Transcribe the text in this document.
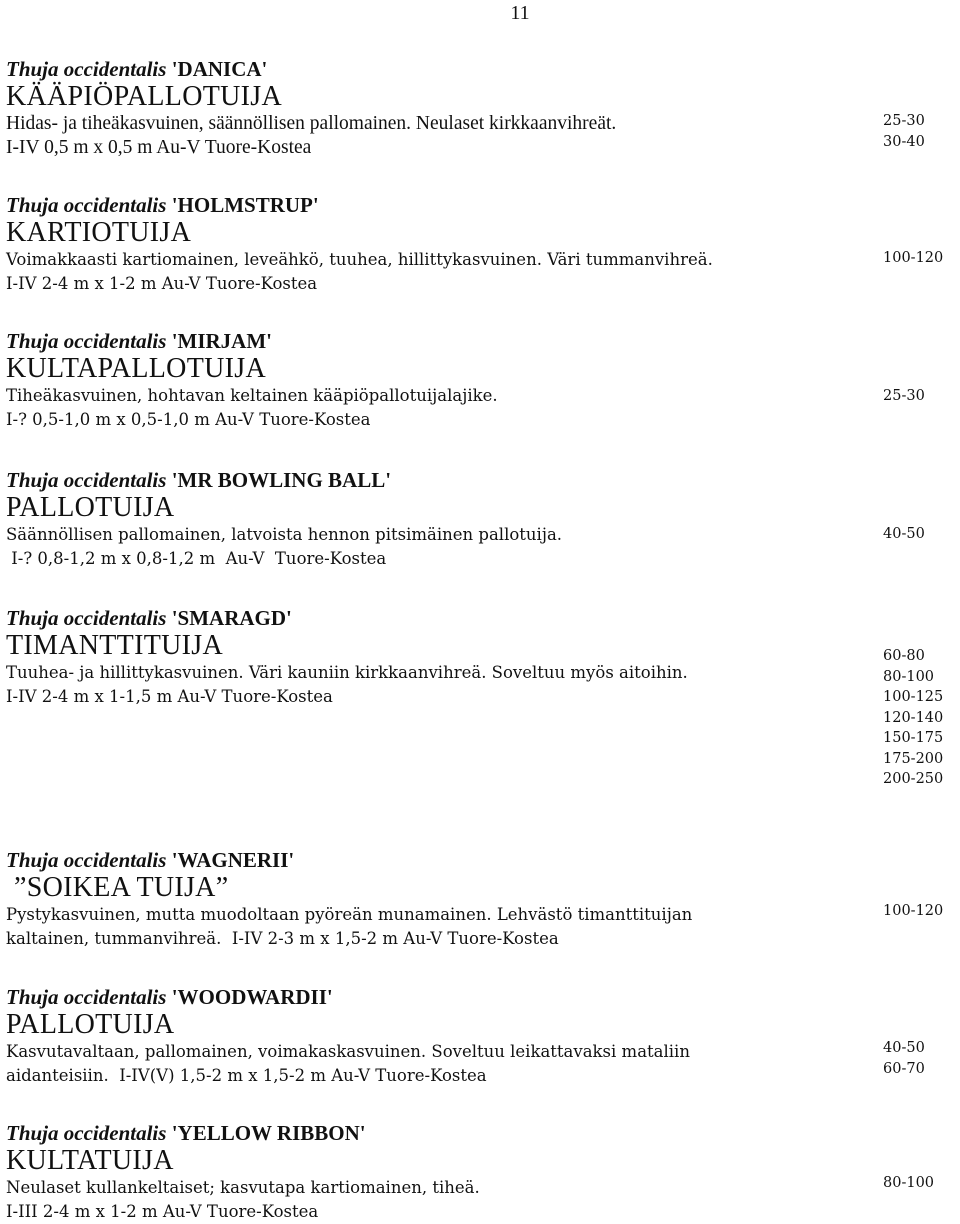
11
Thuja occidentalis 'DANICA'
KÄÄPIÖPALLOTUIJA
Hidas- ja tiheäkasvuinen, säännöllisen pallomainen. Neulaset kirkkaanvihreät.
I-IV 0,5 m x 0,5 m Au-V Tuore-Kostea
25-30
30-40
Thuja occidentalis 'HOLMSTRUP'
KARTIOTUIJA
Voimakkaasti kartiomainen, leveähkö, tuuhea, hillittykasvuinen. Väri tummanvihreä.
I-IV 2-4 m x 1-2 m Au-V Tuore-Kostea
100-120
Thuja occidentalis 'MIRJAM'
KULTAPALLOTUIJA
Tiheäkasvuinen, hohtavan keltainen kääpiöpallotuijalajike.
I-? 0,5-1,0 m x 0,5-1,0 m Au-V Tuore-Kostea
25-30
Thuja occidentalis 'MR BOWLING BALL'
PALLOTUIJA
Säännöllisen pallomainen, latvoista hennon pitsimäinen pallotuija.
I-? 0,8-1,2 m x 0,8-1,2 m  Au-V  Tuore-Kostea
40-50
Thuja occidentalis 'SMARAGD'
TIMANTTITUIJA
Tuuhea- ja hillittykasvuinen. Väri kauniin kirkkaanvihreä. Soveltuu myös aitoihin.
I-IV 2-4 m x 1-1,5 m Au-V Tuore-Kostea
60-80
80-100
100-125
120-140
150-175
175-200
200-250
Thuja occidentalis 'WAGNERII'
”SOIKEA TUIJA”
Pystykasvuinen, mutta muodoltaan pyöreän munamainen. Lehvästö timanttituijan
kaltainen, tummanvihreä.  I-IV 2-3 m x 1,5-2 m Au-V Tuore-Kostea
100-120
Thuja occidentalis 'WOODWARDII'
PALLOTUIJA
Kasvutavaltaan, pallomainen, voimakaskasvuinen. Soveltuu leikattavaksi mataliin
aidanteisiin.  I-IV(V) 1,5-2 m x 1,5-2 m Au-V Tuore-Kostea
40-50
60-70
Thuja occidentalis 'YELLOW RIBBON'
KULTATUIJA
Neulaset kullankeltaiset; kasvutapa kartiomainen, tiheä.
I-III 2-4 m x 1-2 m Au-V Tuore-Kostea
80-100
